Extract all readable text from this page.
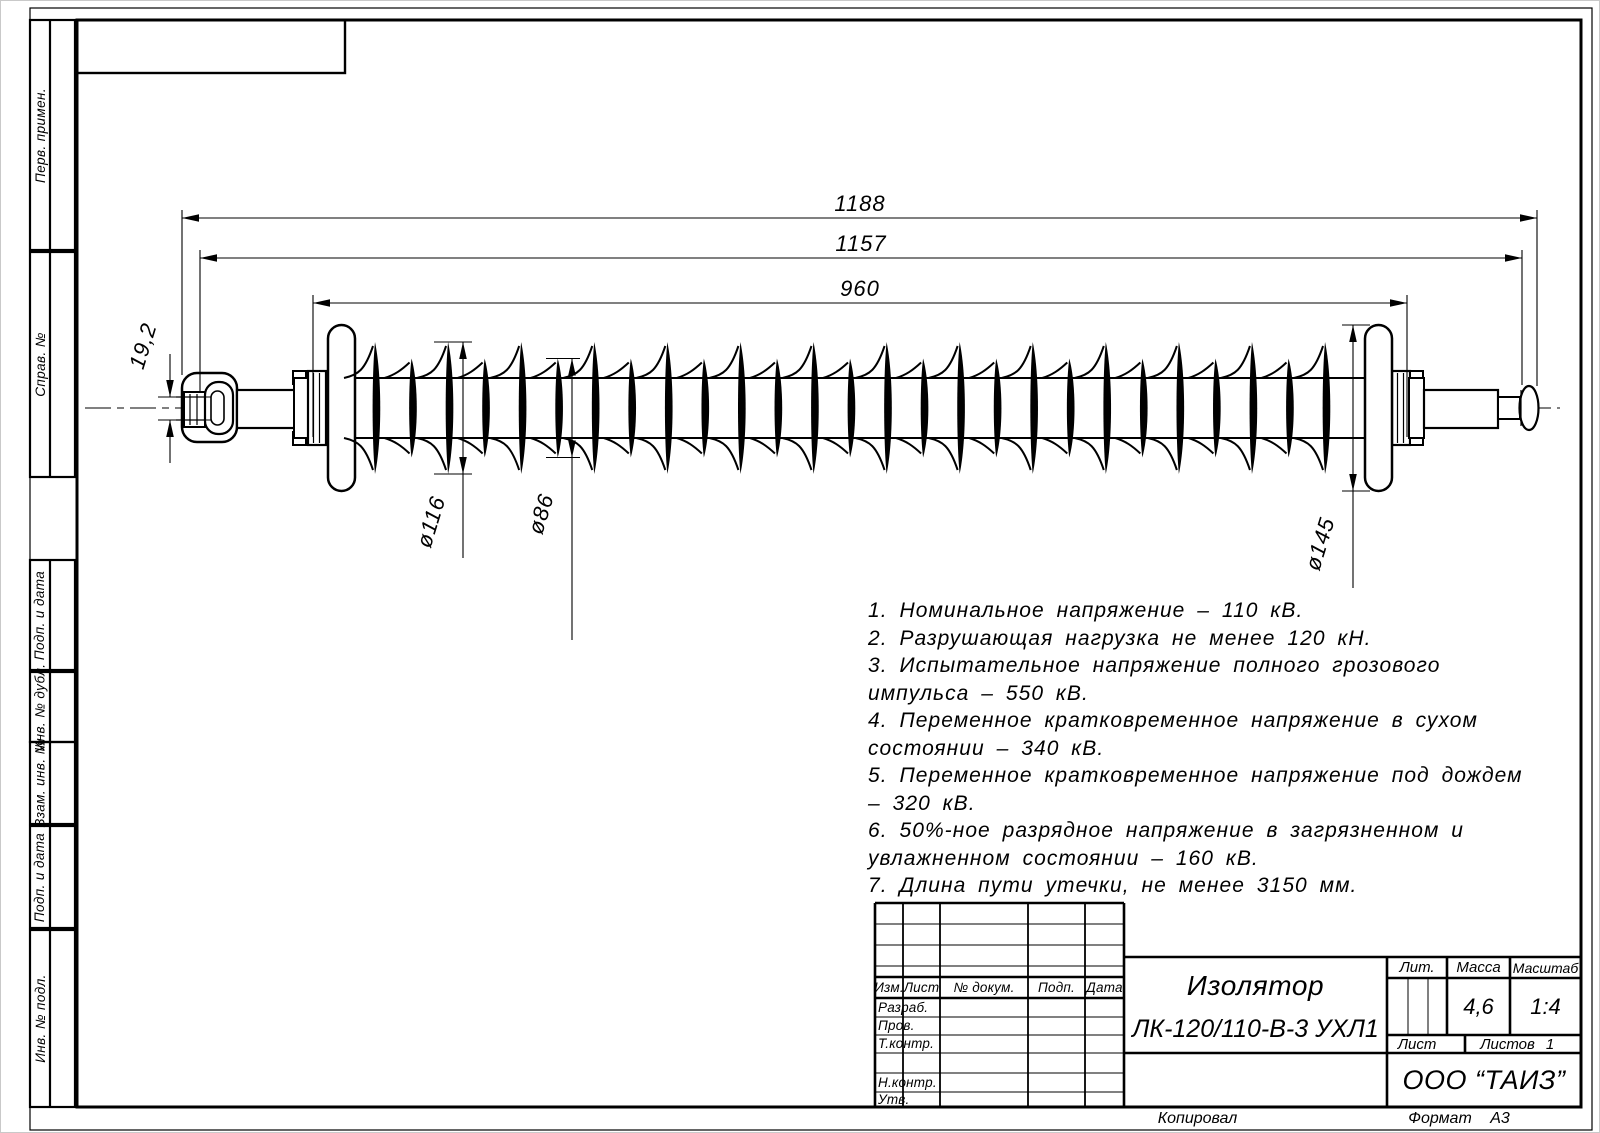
1188
1157
960
19,2
ø116	ø86
ø145
Перв. примен.
Справ. №
Подп. и дата
Инв. № дубл.
Взам. инв. №
Подп. и дата
Инв. № подл.
1. Номинальное напряжение – 110 кВ.
2. Разрушающая нагрузка не менее 120 кН.
3. Испытательное напряжение полного грозового
импульса – 550 кВ.
4. Переменное кратковременное напряжение в сухом
состоянии – 340 кВ.
5. Переменное кратковременное напряжение под дождем
– 320 кВ.
6. 50%-ное разрядное напряжение в загрязненном и
увлажненном состоянии – 160 кВ.
7. Длина пути утечки, не менее 3150 мм.
Изм. Лист	№ докум.	Подп. Дата
Разраб.
Пров.
Т.контр.
Н.контр.
Утв.
Изолятор
ЛК-120/110-В-3 УХЛ1
Лит.	Масса Масштаб
4,6	1:4
Лист	Листов 1
ООО “ТАИЗ”
Копировал	Формат	А3
